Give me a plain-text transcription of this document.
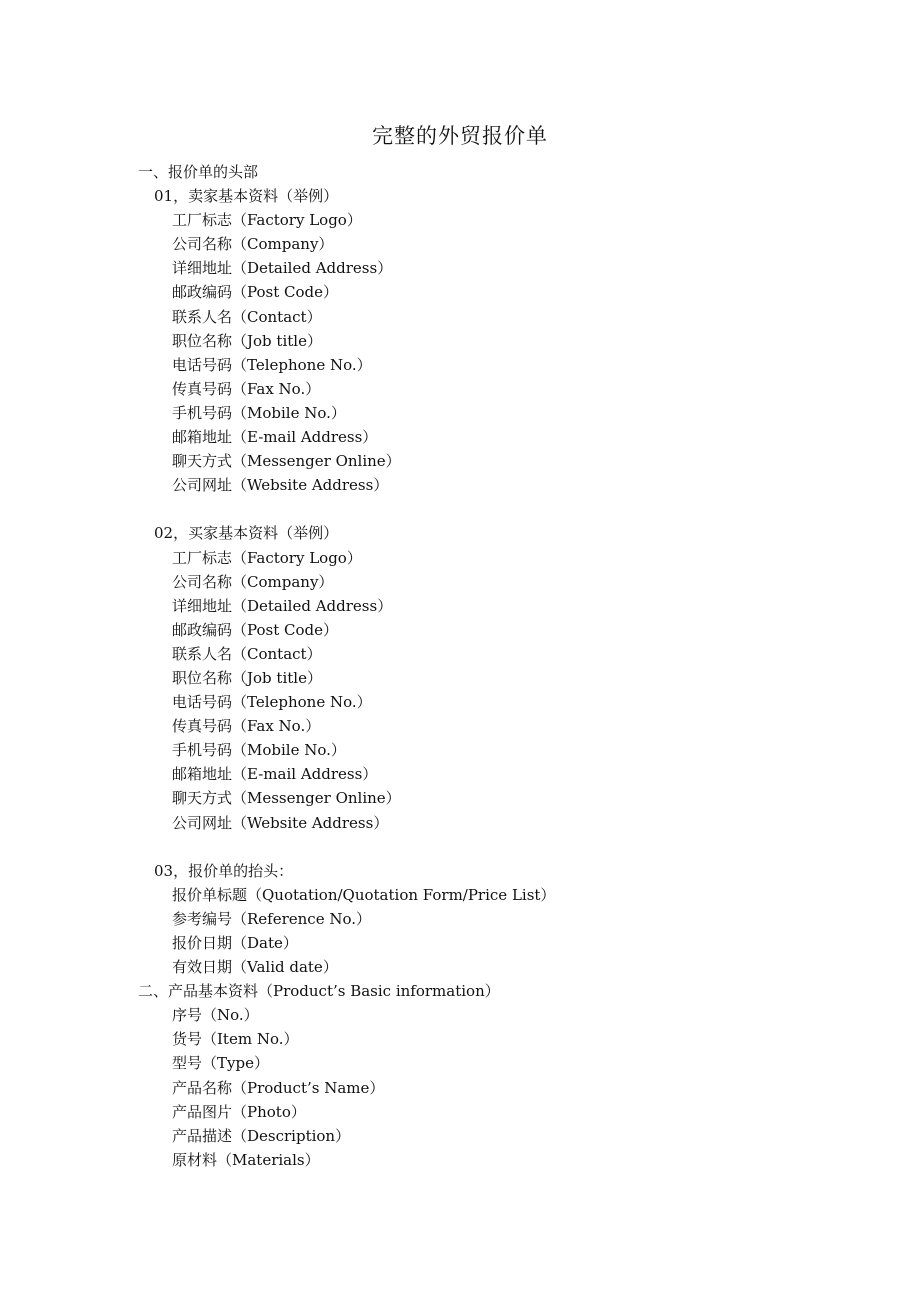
完整的外贸报价单
一、报价单的头部
01，卖家基本资料（举例）
工厂标志（Factory Logo）
公司名称（Company）
详细地址（Detailed Address）
邮政编码（Post Code）
联系人名（Contact）
职位名称（Job title）
电话号码（Telephone No.）
传真号码（Fax No.）
手机号码（Mobile No.）
邮箱地址（E-mail Address）
聊天方式（Messenger Online）
公司网址（Website Address）
02，买家基本资料（举例）
工厂标志（Factory Logo）
公司名称（Company）
详细地址（Detailed Address）
邮政编码（Post Code）
联系人名（Contact）
职位名称（Job title）
电话号码（Telephone No.）
传真号码（Fax No.）
手机号码（Mobile No.）
邮箱地址（E-mail Address）
聊天方式（Messenger Online）
公司网址（Website Address）
03，报价单的抬头：
报价单标题（Quotation/Quotation Form/Price List）
参考编号（Reference No.）
报价日期（Date）
有效日期（Valid date）
二、产品基本资料（Product’s Basic information）
序号（No.）
货号（Item No.）
型号（Type）
产品名称（Product’s Name）
产品图片（Photo）
产品描述（Description）
原材料（Materials）
